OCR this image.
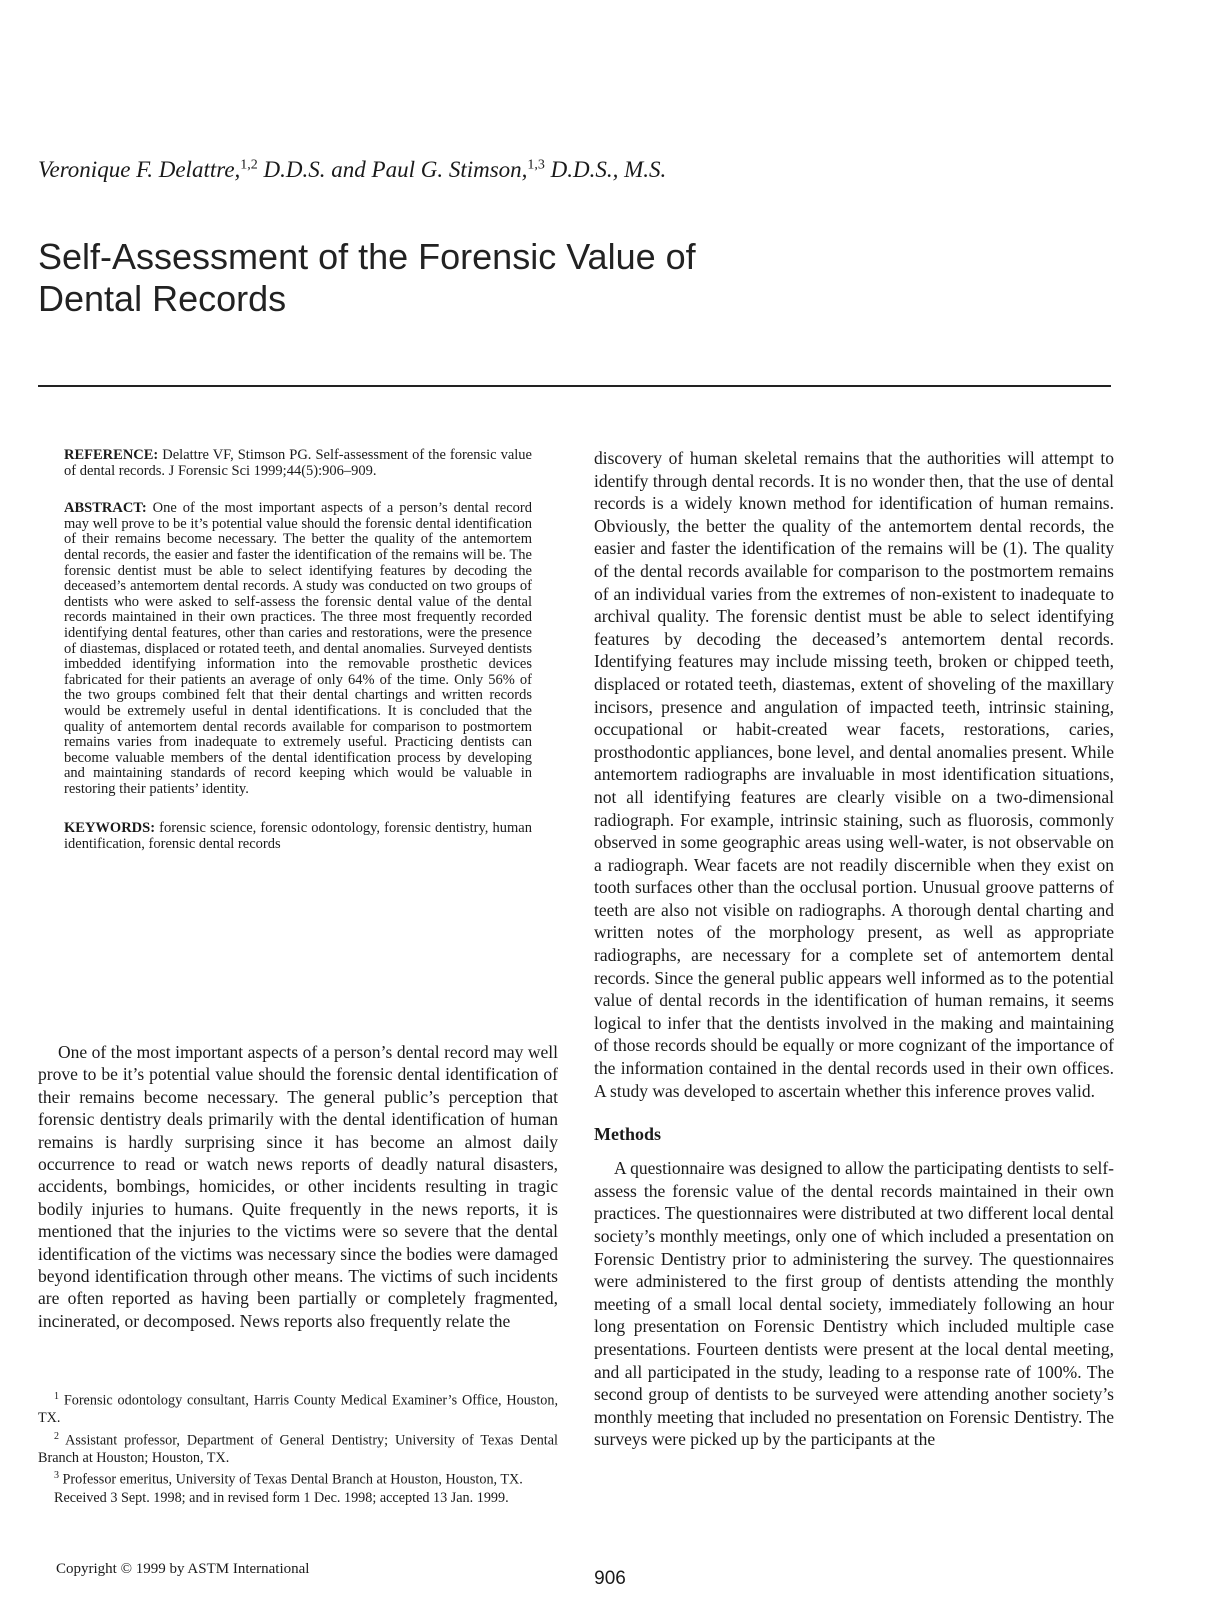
Veronique F. Delattre,$^{1,2}$ D.D.S. and Paul G. Stimson,$^{1,3}$ D.D.S., M.S.
Self-Assessment of the Forensic Value of
Dental Records

REFERENCE: Delattre VF, Stimson PG. Self-assessment of the forensic value of dental records. J Forensic Sci 1999;44(5):906–909.

ABSTRACT: One of the most important aspects of a person’s dental record may well prove to be it’s potential value should the forensic dental identification of their remains become necessary. The better the quality of the antemortem dental records, the easier and faster the identification of the remains will be. The forensic dentist must be able to select identifying features by decoding the deceased’s antemortem dental records. A study was conducted on two groups of dentists who were asked to self-assess the forensic dental value of the dental records maintained in their own practices. The three most frequently recorded identifying dental features, other than caries and restorations, were the presence of diastemas, displaced or rotated teeth, and dental anomalies. Surveyed dentists imbedded identifying information into the removable prosthetic devices fabricated for their patients an average of only 64% of the time. Only 56% of the two groups combined felt that their dental chartings and written records would be extremely useful in dental identifications. It is concluded that the quality of antemortem dental records available for comparison to postmortem remains varies from inadequate to extremely useful. Practicing dentists can become valuable members of the dental identification process by developing and maintaining standards of record keeping which would be valuable in restoring their patients’ identity.

KEYWORDS: forensic science, forensic odontology, forensic dentistry, human identification, forensic dental records

One of the most important aspects of a person’s dental record may well prove to be it’s potential value should the forensic dental identification of their remains become necessary. The general public’s perception that forensic dentistry deals primarily with the dental identification of human remains is hardly surprising since it has become an almost daily occurrence to read or watch news reports of deadly natural disasters, accidents, bombings, homicides, or other incidents resulting in tragic bodily injuries to humans. Quite frequently in the news reports, it is mentioned that the injuries to the victims were so severe that the dental identification of the victims was necessary since the bodies were damaged beyond identification through other means. The victims of such incidents are often reported as having been partially or completely fragmented, incinerated, or decomposed. News reports also frequently relate the

$^1$ Forensic odontology consultant, Harris County Medical Examiner’s Office, Houston, TX.

$^2$ Assistant professor, Department of General Dentistry; University of Texas Dental Branch at Houston; Houston, TX.

$^3$ Professor emeritus, University of Texas Dental Branch at Houston, Houston, TX.

Received 3 Sept. 1998; and in revised form 1 Dec. 1998; accepted 13 Jan. 1999.

discovery of human skeletal remains that the authorities will attempt to identify through dental records. It is no wonder then, that the use of dental records is a widely known method for identification of human remains. Obviously, the better the quality of the antemortem dental records, the easier and faster the identification of the remains will be (1). The quality of the dental records available for comparison to the postmortem remains of an individual varies from the extremes of non-existent to inadequate to archival quality. The forensic dentist must be able to select identifying features by decoding the deceased’s antemortem dental records. Identifying features may include missing teeth, broken or chipped teeth, displaced or rotated teeth, diastemas, extent of shoveling of the maxillary incisors, presence and angulation of impacted teeth, intrinsic staining, occupational or habit-created wear facets, restorations, caries, prosthodontic appliances, bone level, and dental anomalies present. While antemortem radiographs are invaluable in most identification situations, not all identifying features are clearly visible on a two-dimensional radiograph. For example, intrinsic staining, such as fluorosis, commonly observed in some geographic areas using well-water, is not observable on a radiograph. Wear facets are not readily discernible when they exist on tooth surfaces other than the occlusal portion. Unusual groove patterns of teeth are also not visible on radiographs. A thorough dental charting and written notes of the morphology present, as well as appropriate radiographs, are necessary for a complete set of antemortem dental records. Since the general public appears well informed as to the potential value of dental records in the identification of human remains, it seems logical to infer that the dentists involved in the making and maintaining of those records should be equally or more cognizant of the importance of the information contained in the dental records used in their own offices. A study was developed to ascertain whether this inference proves valid.

Methods

A questionnaire was designed to allow the participating dentists to self-assess the forensic value of the dental records maintained in their own practices. The questionnaires were distributed at two different local dental society’s monthly meetings, only one of which included a presentation on Forensic Dentistry prior to administering the survey. The questionnaires were administered to the first group of dentists attending the monthly meeting of a small local dental society, immediately following an hour long presentation on Forensic Dentistry which included multiple case presentations. Fourteen dentists were present at the local dental meeting, and all participated in the study, leading to a response rate of 100%. The second group of dentists to be surveyed were attending another society’s monthly meeting that included no presentation on Forensic Dentistry. The surveys were picked up by the participants at the

Copyright © 1999 by ASTM International	906
